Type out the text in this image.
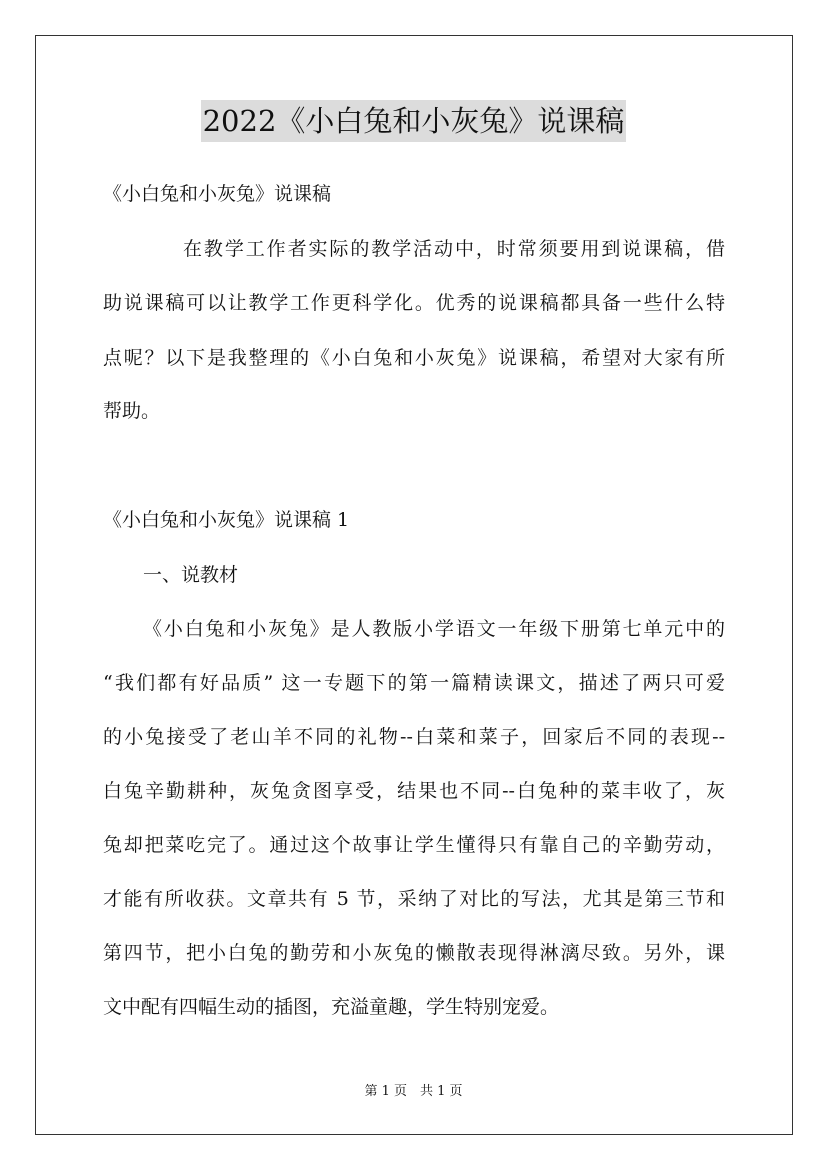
2022《小白兔和小灰兔》说课稿
《小白兔和小灰兔》说课稿
在教学工作者实际的教学活动中，时常须要用到说课稿，借
助说课稿可以让教学工作更科学化。优秀的说课稿都具备一些什么特
点呢？以下是我整理的《小白兔和小灰兔》说课稿，希望对大家有所
帮助。
《小白兔和小灰兔》说课稿 1
一、说教材
《小白兔和小灰兔》是人教版小学语文一年级下册第七单元中的
“我们都有好品质” 这一专题下的第一篇精读课文，描述了两只可爱
的小兔接受了老山羊不同的礼物--白菜和菜子，回家后不同的表现--
白兔辛勤耕种，灰兔贪图享受，结果也不同--白兔种的菜丰收了，灰
兔却把菜吃完了。通过这个故事让学生懂得只有靠自己的辛勤劳动，
才能有所收获。文章共有 5 节，采纳了对比的写法，尤其是第三节和
第四节，把小白兔的勤劳和小灰兔的懒散表现得淋漓尽致。另外，课
文中配有四幅生动的插图，充溢童趣，学生特别宠爱。
第 1 页　共 1 页
